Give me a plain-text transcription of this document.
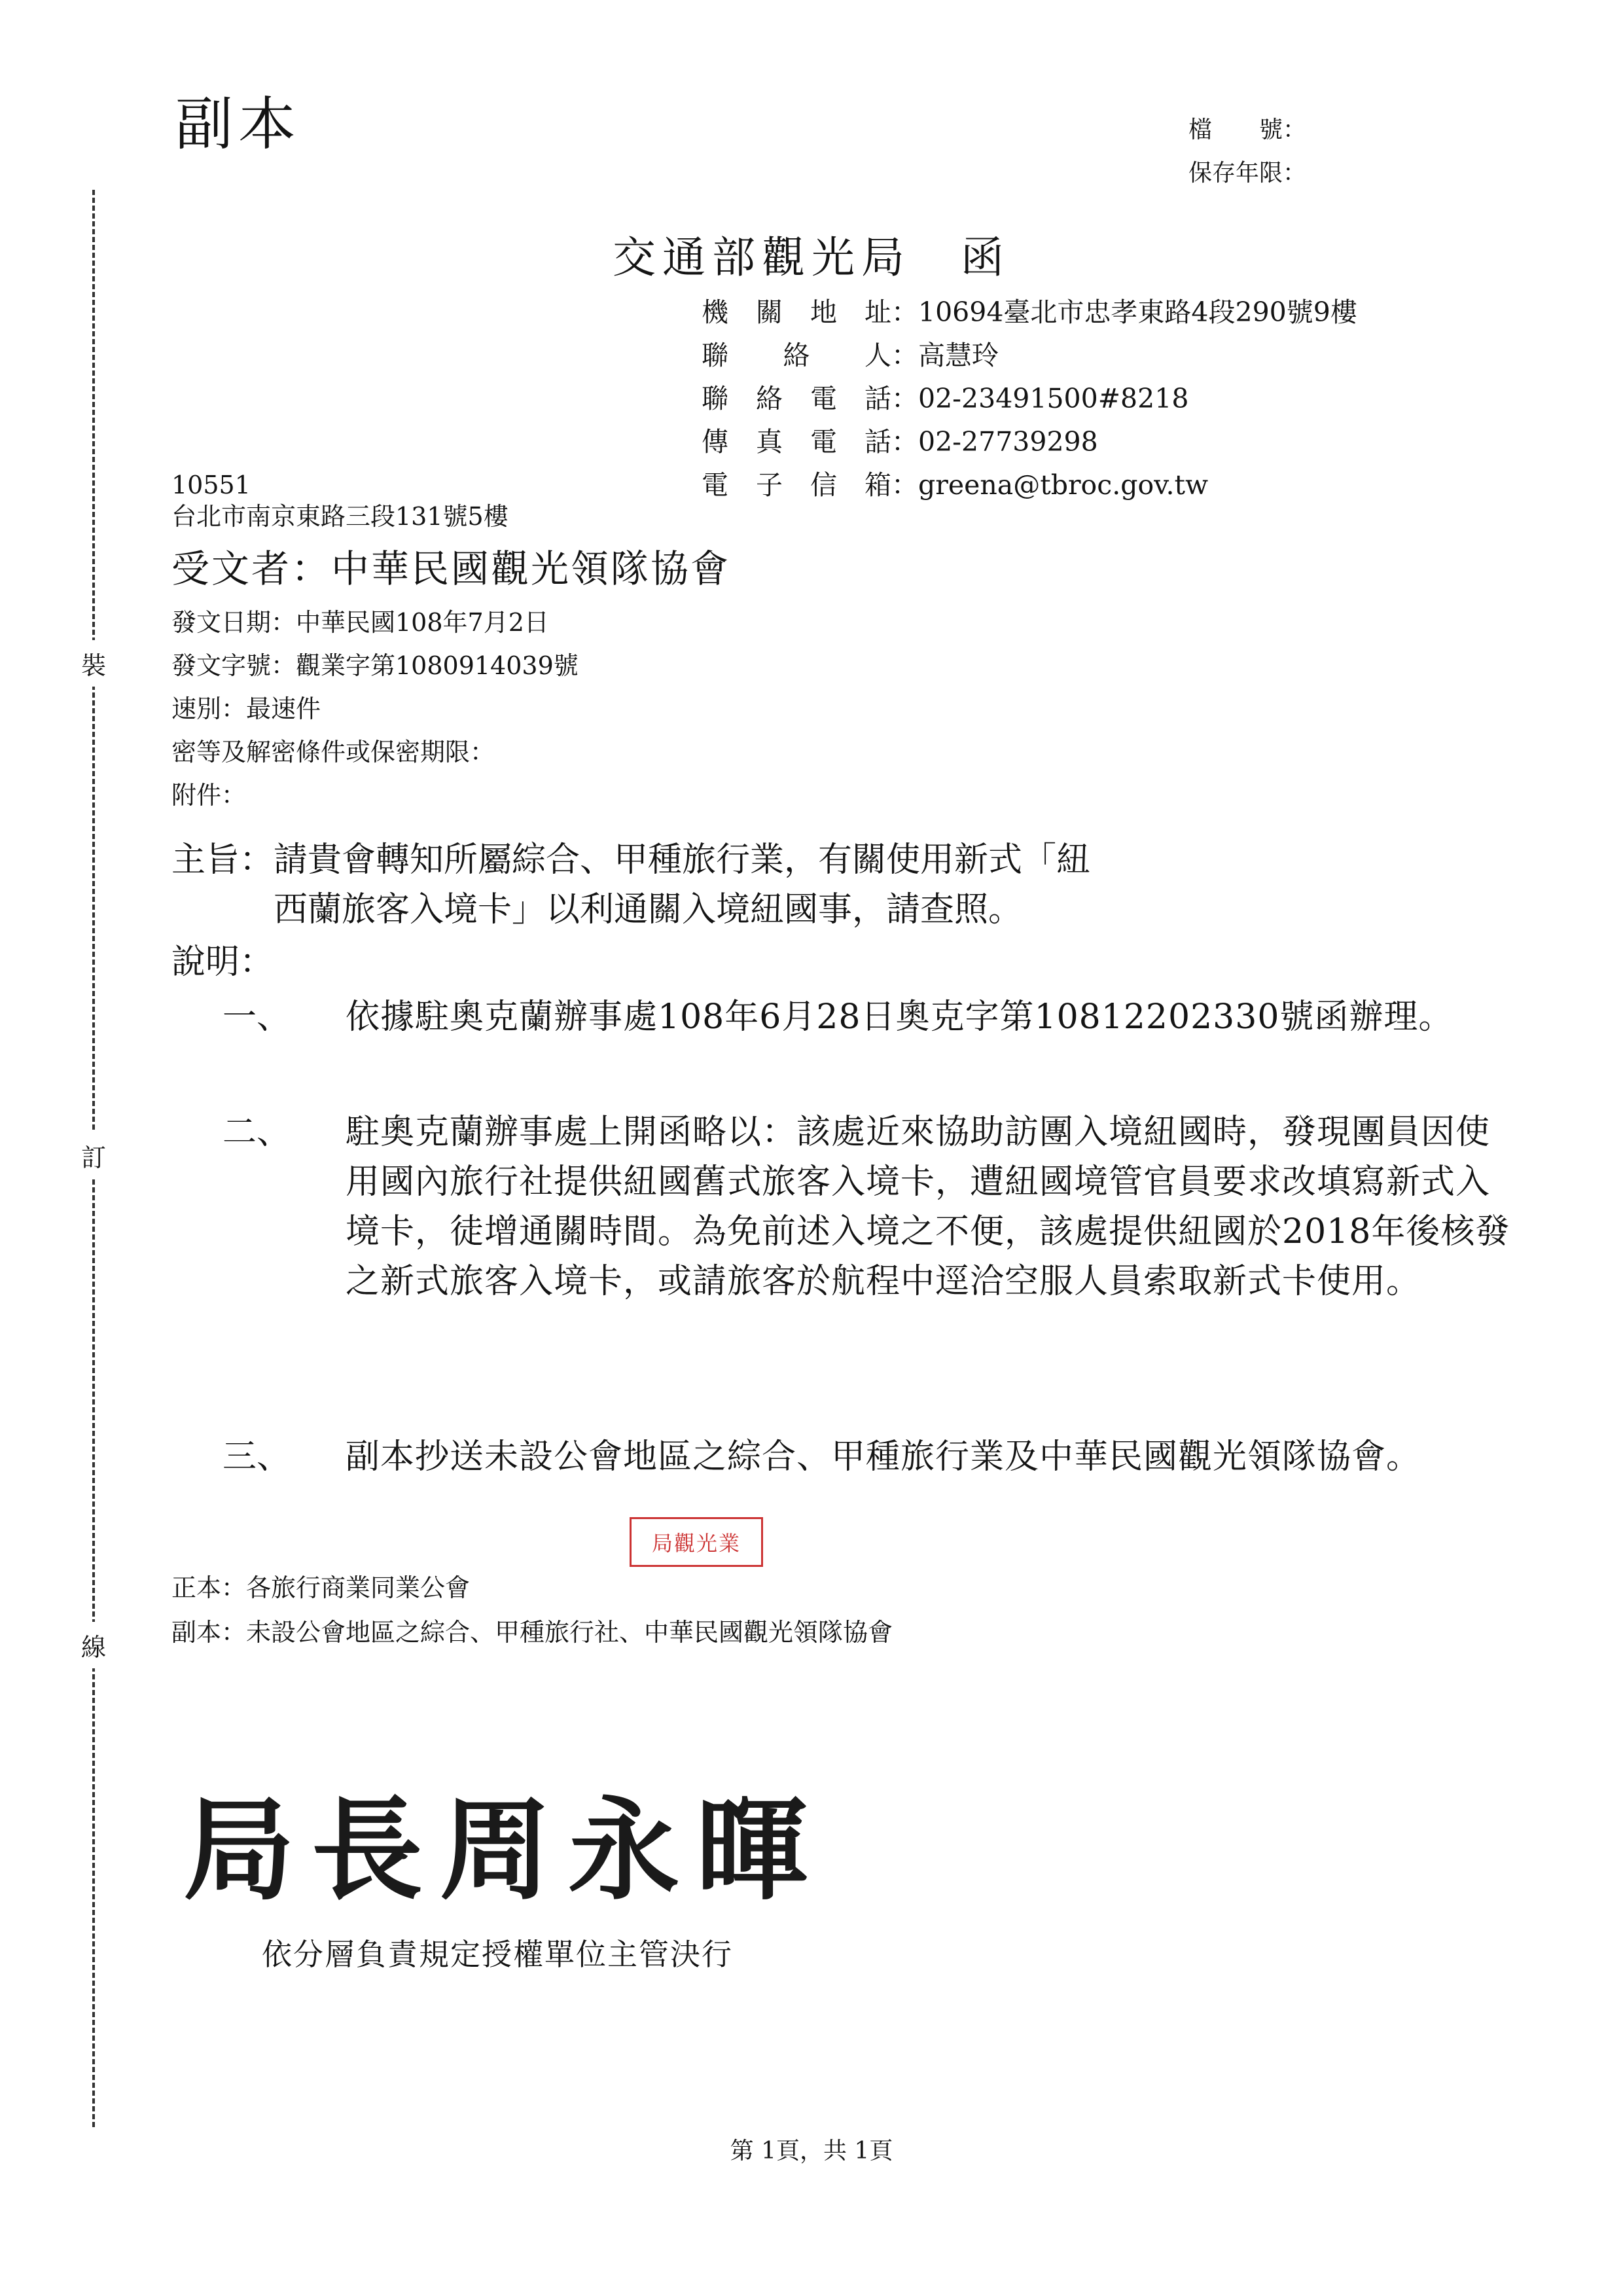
裝
訂
線
副本	檔　　號：
保存年限：
交通部觀光局　函
機關地址 ：10694臺北市忠孝東路4段290號9樓
聯絡人 ：高慧玲
聯絡電話 ：02-23491500#8218
傳真電話 ：02-27739298
電子信箱 ：greena@tbroc.gov.tw
10551
台北市南京東路三段131號5樓
受文者：中華民國觀光領隊協會
發文日期：中華民國108年7月2日
發文字號：觀業字第1080914039號
速別：最速件
密等及解密條件或保密期限：
附件：
主旨：請貴會轉知所屬綜合、甲種旅行業，有關使用新式「紐
　　　西蘭旅客入境卡」以利通關入境紐國事，請查照。
說明：
一、 依據駐奧克蘭辦事處108年6月28日奧克字第10812202330號函辦理。
二、 駐奧克蘭辦事處上開函略以：該處近來協助訪團入境紐國時，發現團員因使用國內旅行社提供紐國舊式旅客入境卡，遭紐國境管官員要求改填寫新式入境卡，徒增通關時間。為免前述入境之不便，該處提供紐國於2018年後核發之新式旅客入境卡，或請旅客於航程中逕洽空服人員索取新式卡使用。
三、 副本抄送未設公會地區之綜合、甲種旅行業及中華民國觀光領隊協會。
局觀光業
正本：各旅行商業同業公會
副本：未設公會地區之綜合、甲種旅行社、中華民國觀光領隊協會
局長周永暉
依分層負責規定授權單位主管決行
第 1頁，共 1頁
